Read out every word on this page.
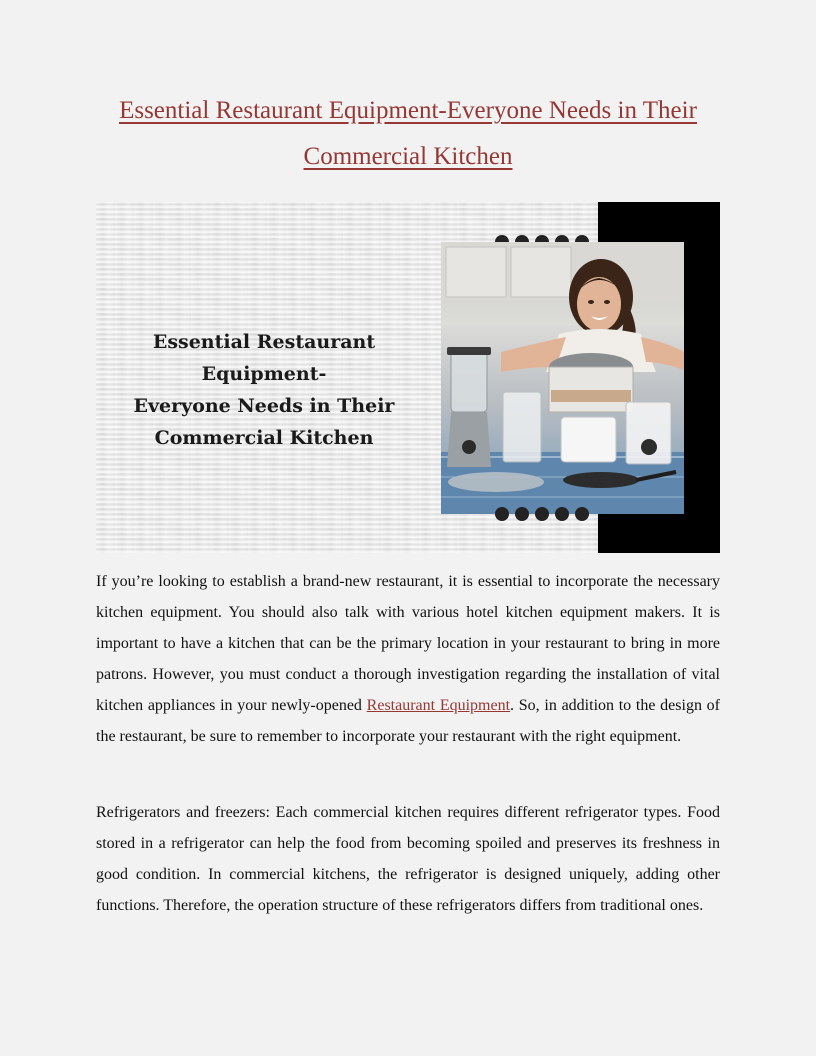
Essential Restaurant Equipment-Everyone Needs in Their Commercial Kitchen
Essential Restaurant Equipment-
Everyone Needs in Their
Commercial Kitchen

If you’re looking to establish a brand-new restaurant, it is essential to incorporate the necessary kitchen equipment. You should also talk with various hotel kitchen equipment makers. It is important to have a kitchen that can be the primary location in your restaurant to bring in more patrons. However, you must conduct a thorough investigation regarding the installation of vital kitchen appliances in your newly-opened Restaurant Equipment. So, in addition to the design of the restaurant, be sure to remember to incorporate your restaurant with the right equipment.

Refrigerators and freezers: Each commercial kitchen requires different refrigerator types. Food stored in a refrigerator can help the food from becoming spoiled and preserves its freshness in good condition. In commercial kitchens, the refrigerator is designed uniquely, adding other functions. Therefore, the operation structure of these refrigerators differs from traditional ones.
